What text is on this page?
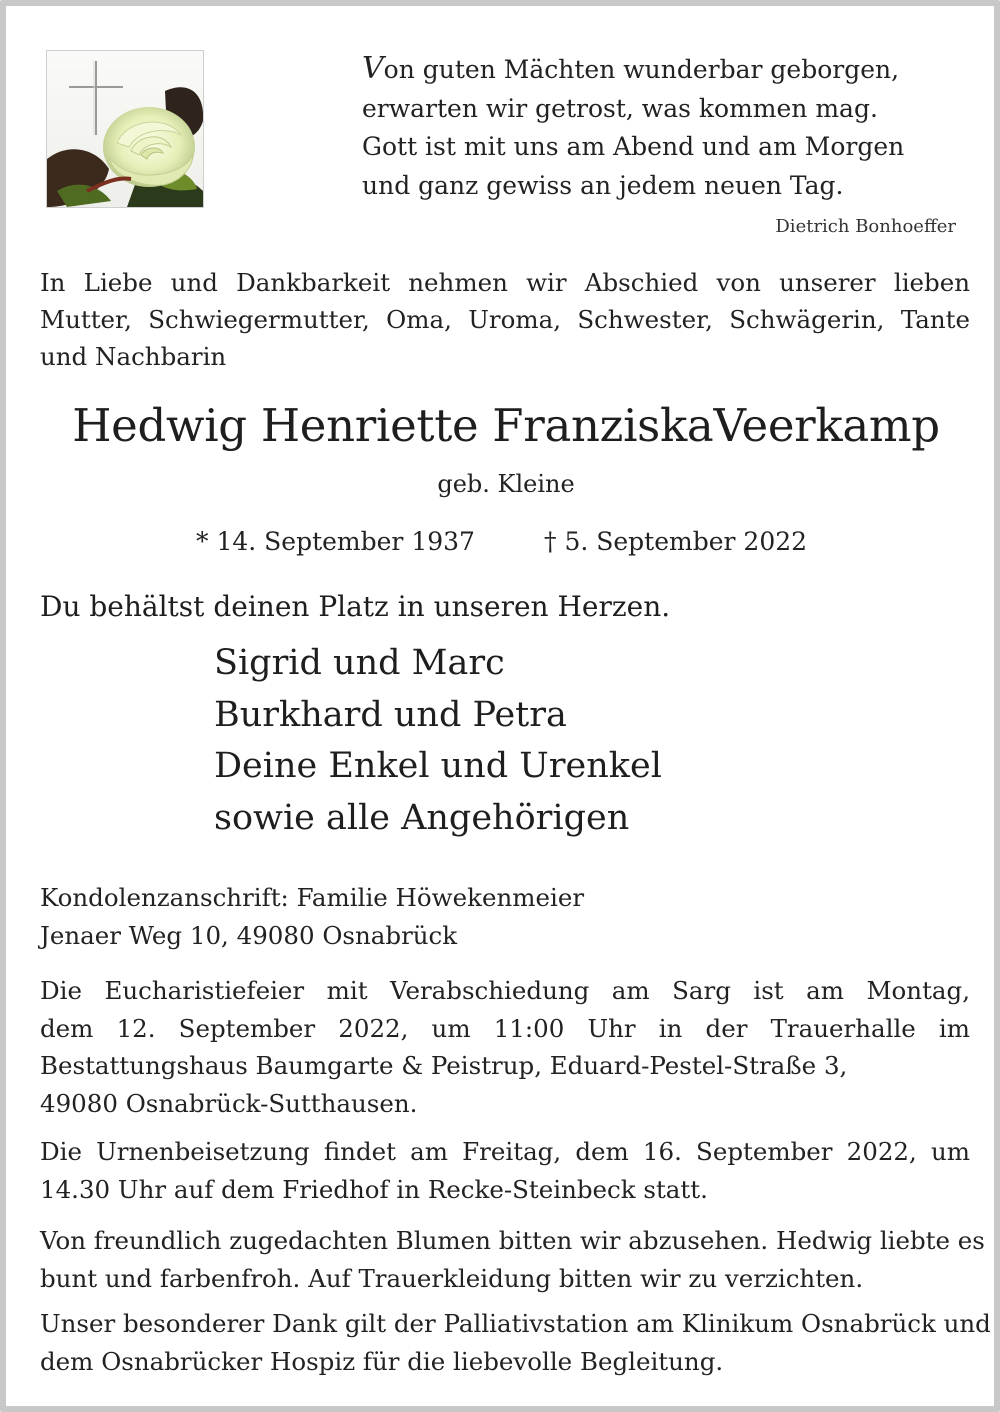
Von guten Mächten wunderbar geborgen,
erwarten wir getrost, was kommen mag.
Gott ist mit uns am Abend und am Morgen
und ganz gewiss an jedem neuen Tag.
Dietrich Bonhoeffer
In Liebe und Dankbarkeit nehmen wir Abschied von unserer lieben
Mutter, Schwiegermutter, Oma, Uroma, Schwester, Schwägerin, Tante
und Nachbarin
Hedwig Henriette FranziskaVeerkamp
geb. Kleine
* 14. September 1937	† 5. September 2022
Du behältst deinen Platz in unseren Herzen.
Sigrid und Marc
Burkhard und Petra
Deine Enkel und Urenkel
sowie alle Angehörigen
Kondolenzanschrift: Familie Höwekenmeier
Jenaer Weg 10, 49080 Osnabrück
Die Eucharistiefeier mit Verabschiedung am Sarg ist am Montag,
dem 12. September 2022, um 11:00 Uhr in der Trauerhalle im
Bestattungshaus Baumgarte & Peistrup, Eduard-Pestel-Straße 3,
49080 Osnabrück-Sutthausen.
Die Urnenbeisetzung findet am Freitag, dem 16. September 2022, um
14.30 Uhr auf dem Friedhof in Recke-Steinbeck statt.
Von freundlich zugedachten Blumen bitten wir abzusehen. Hedwig liebte es
bunt und farbenfroh. Auf Trauerkleidung bitten wir zu verzichten.
Unser besonderer Dank gilt der Palliativstation am Klinikum Osnabrück und
dem Osnabrücker Hospiz für die liebevolle Begleitung.
